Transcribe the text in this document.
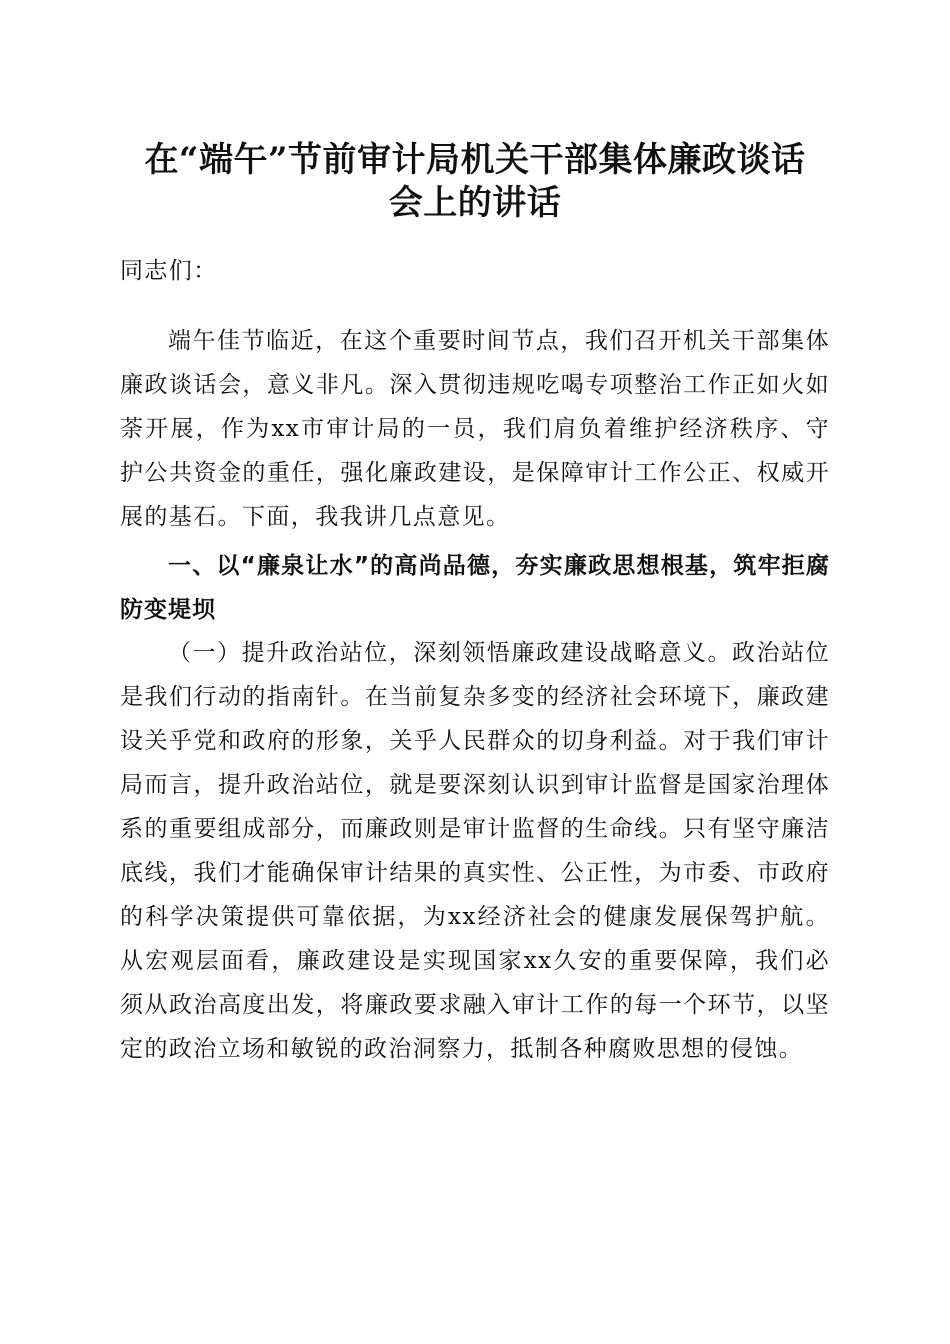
在“端午”节前审计局机关干部集体廉政谈话
会上的讲话

同志们：

端午佳节临近，在这个重要时间节点，我们召开机关干部集体廉政谈话会，意义非凡。深入贯彻违规吃喝专项整治工作正如火如荼开展，作为xx市审计局的一员，我们肩负着维护经济秩序、守护公共资金的重任，强化廉政建设，是保障审计工作公正、权威开展的基石。下面，我我讲几点意见。

一、以“廉泉让水”的高尚品德，夯实廉政思想根基，筑牢拒腐防变堤坝

（一）提升政治站位，深刻领悟廉政建设战略意义。政治站位是我们行动的指南针。在当前复杂多变的经济社会环境下，廉政建设关乎党和政府的形象，关乎人民群众的切身利益。对于我们审计局而言，提升政治站位，就是要深刻认识到审计监督是国家治理体系的重要组成部分，而廉政则是审计监督的生命线。只有坚守廉洁底线，我们才能确保审计结果的真实性、公正性，为市委、市政府的科学决策提供可靠依据，为xx经济社会的健康发展保驾护航。从宏观层面看，廉政建设是实现国家xx久安的重要保障，我们必须从政治高度出发，将廉政要求融入审计工作的每一个环节，以坚定的政治立场和敏锐的政治洞察力，抵制各种腐败思想的侵蚀。
